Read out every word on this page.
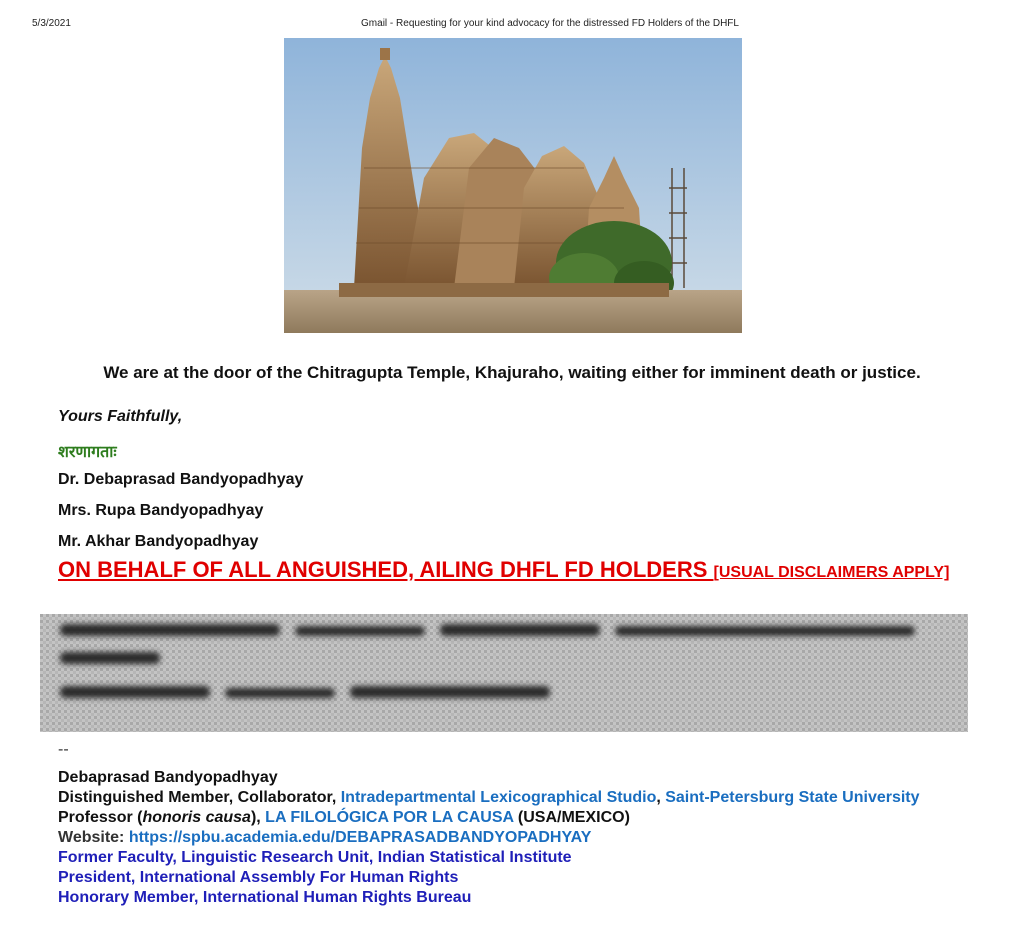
5/3/2021	Gmail - Requesting for your kind advocacy for the distressed FD Holders of the DHFL
We are at the door of the Chitragupta Temple, Khajuraho, waiting either for imminent death or justice.
Yours Faithfully,
शरणागताः
Dr. Debaprasad Bandyopadhyay
Mrs. Rupa Bandyopadhyay
Mr. Akhar Bandyopadhyay
ON BEHALF OF ALL ANGUISHED, AILING DHFL FD HOLDERS [USUAL DISCLAIMERS APPLY]
--
Debaprasad Bandyopadhyay
Distinguished Member, Collaborator, Intradepartmental Lexicographical Studio, Saint-Petersburg State University
Professor (honoris causa), LA FILOLÓGICA POR LA CAUSA (USA/MEXICO)
Website: https://spbu.academia.edu/DEBAPRASADBANDYOPADHYAY
Former Faculty, Linguistic Research Unit, Indian Statistical Institute
President, International Assembly For Human Rights
Honorary Member, International Human Rights Bureau
